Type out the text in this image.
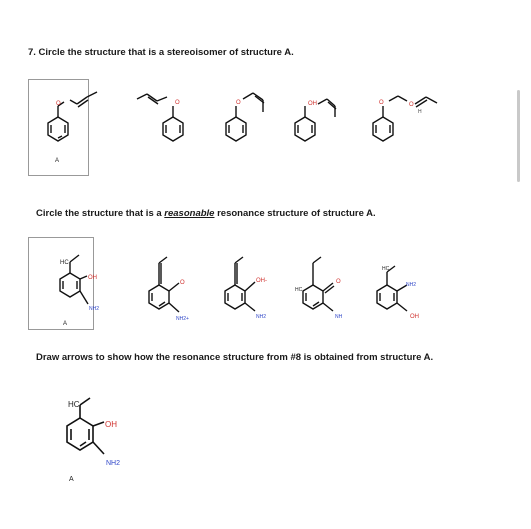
7. Circle the structure that is a stereoisomer of structure A.
O
A
O	O	OH	O	O
H
Circle the structure that is a reasonable resonance structure of structure A.
HC
OH
NH2
A
O
NH2+
OH-
NH2
HC
O
NH
HC
NH2
OH
Draw arrows to show how the resonance structure from #8 is obtained from structure A.
HC
OH
NH2
A
